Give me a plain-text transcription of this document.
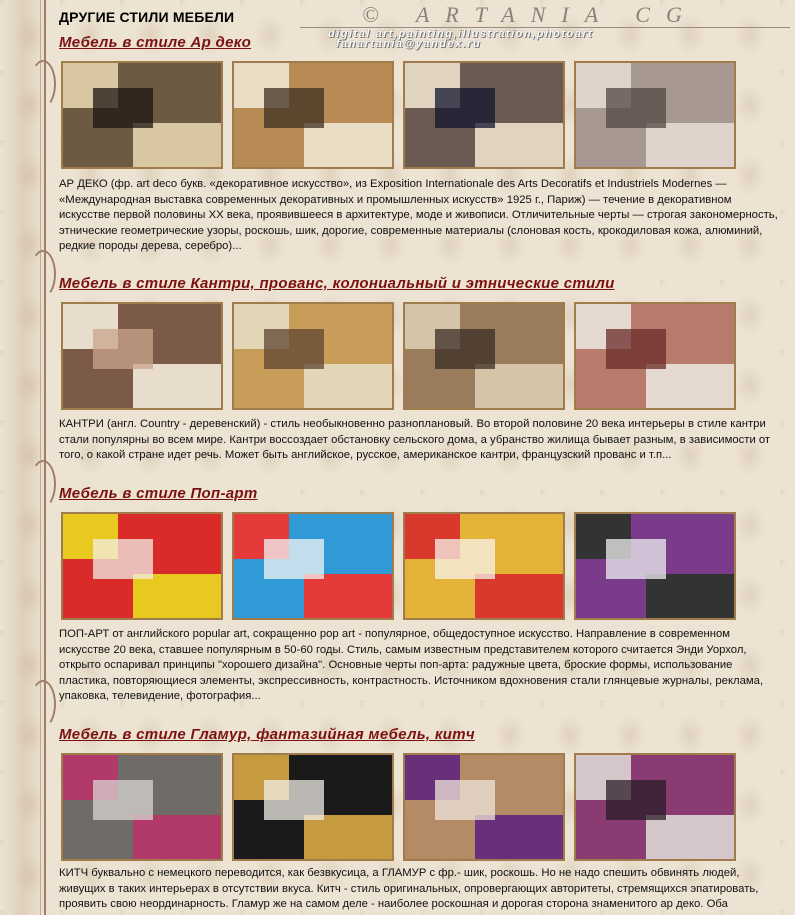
ДРУГИЕ СТИЛИ МЕБЕЛИ	© ARTANIA CG
digital art,painting,illustration,photoart
fanartania@yandex.ru
Мебель в стиле Ар деко
АР ДЕКО (фр. art deco букв. «декоративное искусство», из Exposition Internationale des Arts Decoratifs et Industriels Modernes — «Международная выставка современных декоративных и промышленных искусств» 1925 г., Париж) — течение в декоративном искусстве первой половины XX века, проявившееся в архитектуре, моде и живописи. Отличительные черты — строгая закономерность, этнические геометрические узоры, роскошь, шик, дорогие, современные материалы (слоновая кость, крокодиловая кожа, алюминий, редкие породы дерева, серебро)...
Мебель в стиле Кантри, прованс, колониальный и этнические стили
КАНТРИ (англ. Country - деревенский) - стиль необыкновенно разноплановый. Во второй половине 20 века интерьеры в стиле кантри стали популярны во всем мире. Кантри воссоздает обстановку сельского дома, а убранство жилища бывает разным, в зависимости от того, о какой стране идет речь. Может быть английское, русское, американское кантри, французский прованс и т.п...
Мебель в стиле Поп-арт
ПОП-АРТ от английского popular art, сокращенно pop art - популярное, общедоступное искусство. Направление в современном искусстве 20 века, ставшее популярным в 50-60 годы. Стиль, самым известным представителем которого считается Энди Уорхол, открыто оспаривал принципы "хорошего дизайна". Основные черты поп-арта: радужные цвета, броские формы, использование пластика, повторяющиеся элементы, экспрессивность, контрастность. Источником вдохновения стали глянцевые журналы, реклама, упаковка, телевидение, фотография...
Мебель в стиле Гламур, фантазийная мебель, китч
КИТЧ буквально с немецкого переводится, как безвкусица, а ГЛАМУР с фр.- шик, роскошь. Но не надо спешить обвинять людей, живущих в таких интерьерах в отсутствии вкуса. Китч - стиль оригинальных, опровергающих авторитеты, стремящихся эпатировать, проявить свою неординарность. Гламур же на самом деле - наиболее роскошная и дорогая сторона знаменитого ар деко. Оба
